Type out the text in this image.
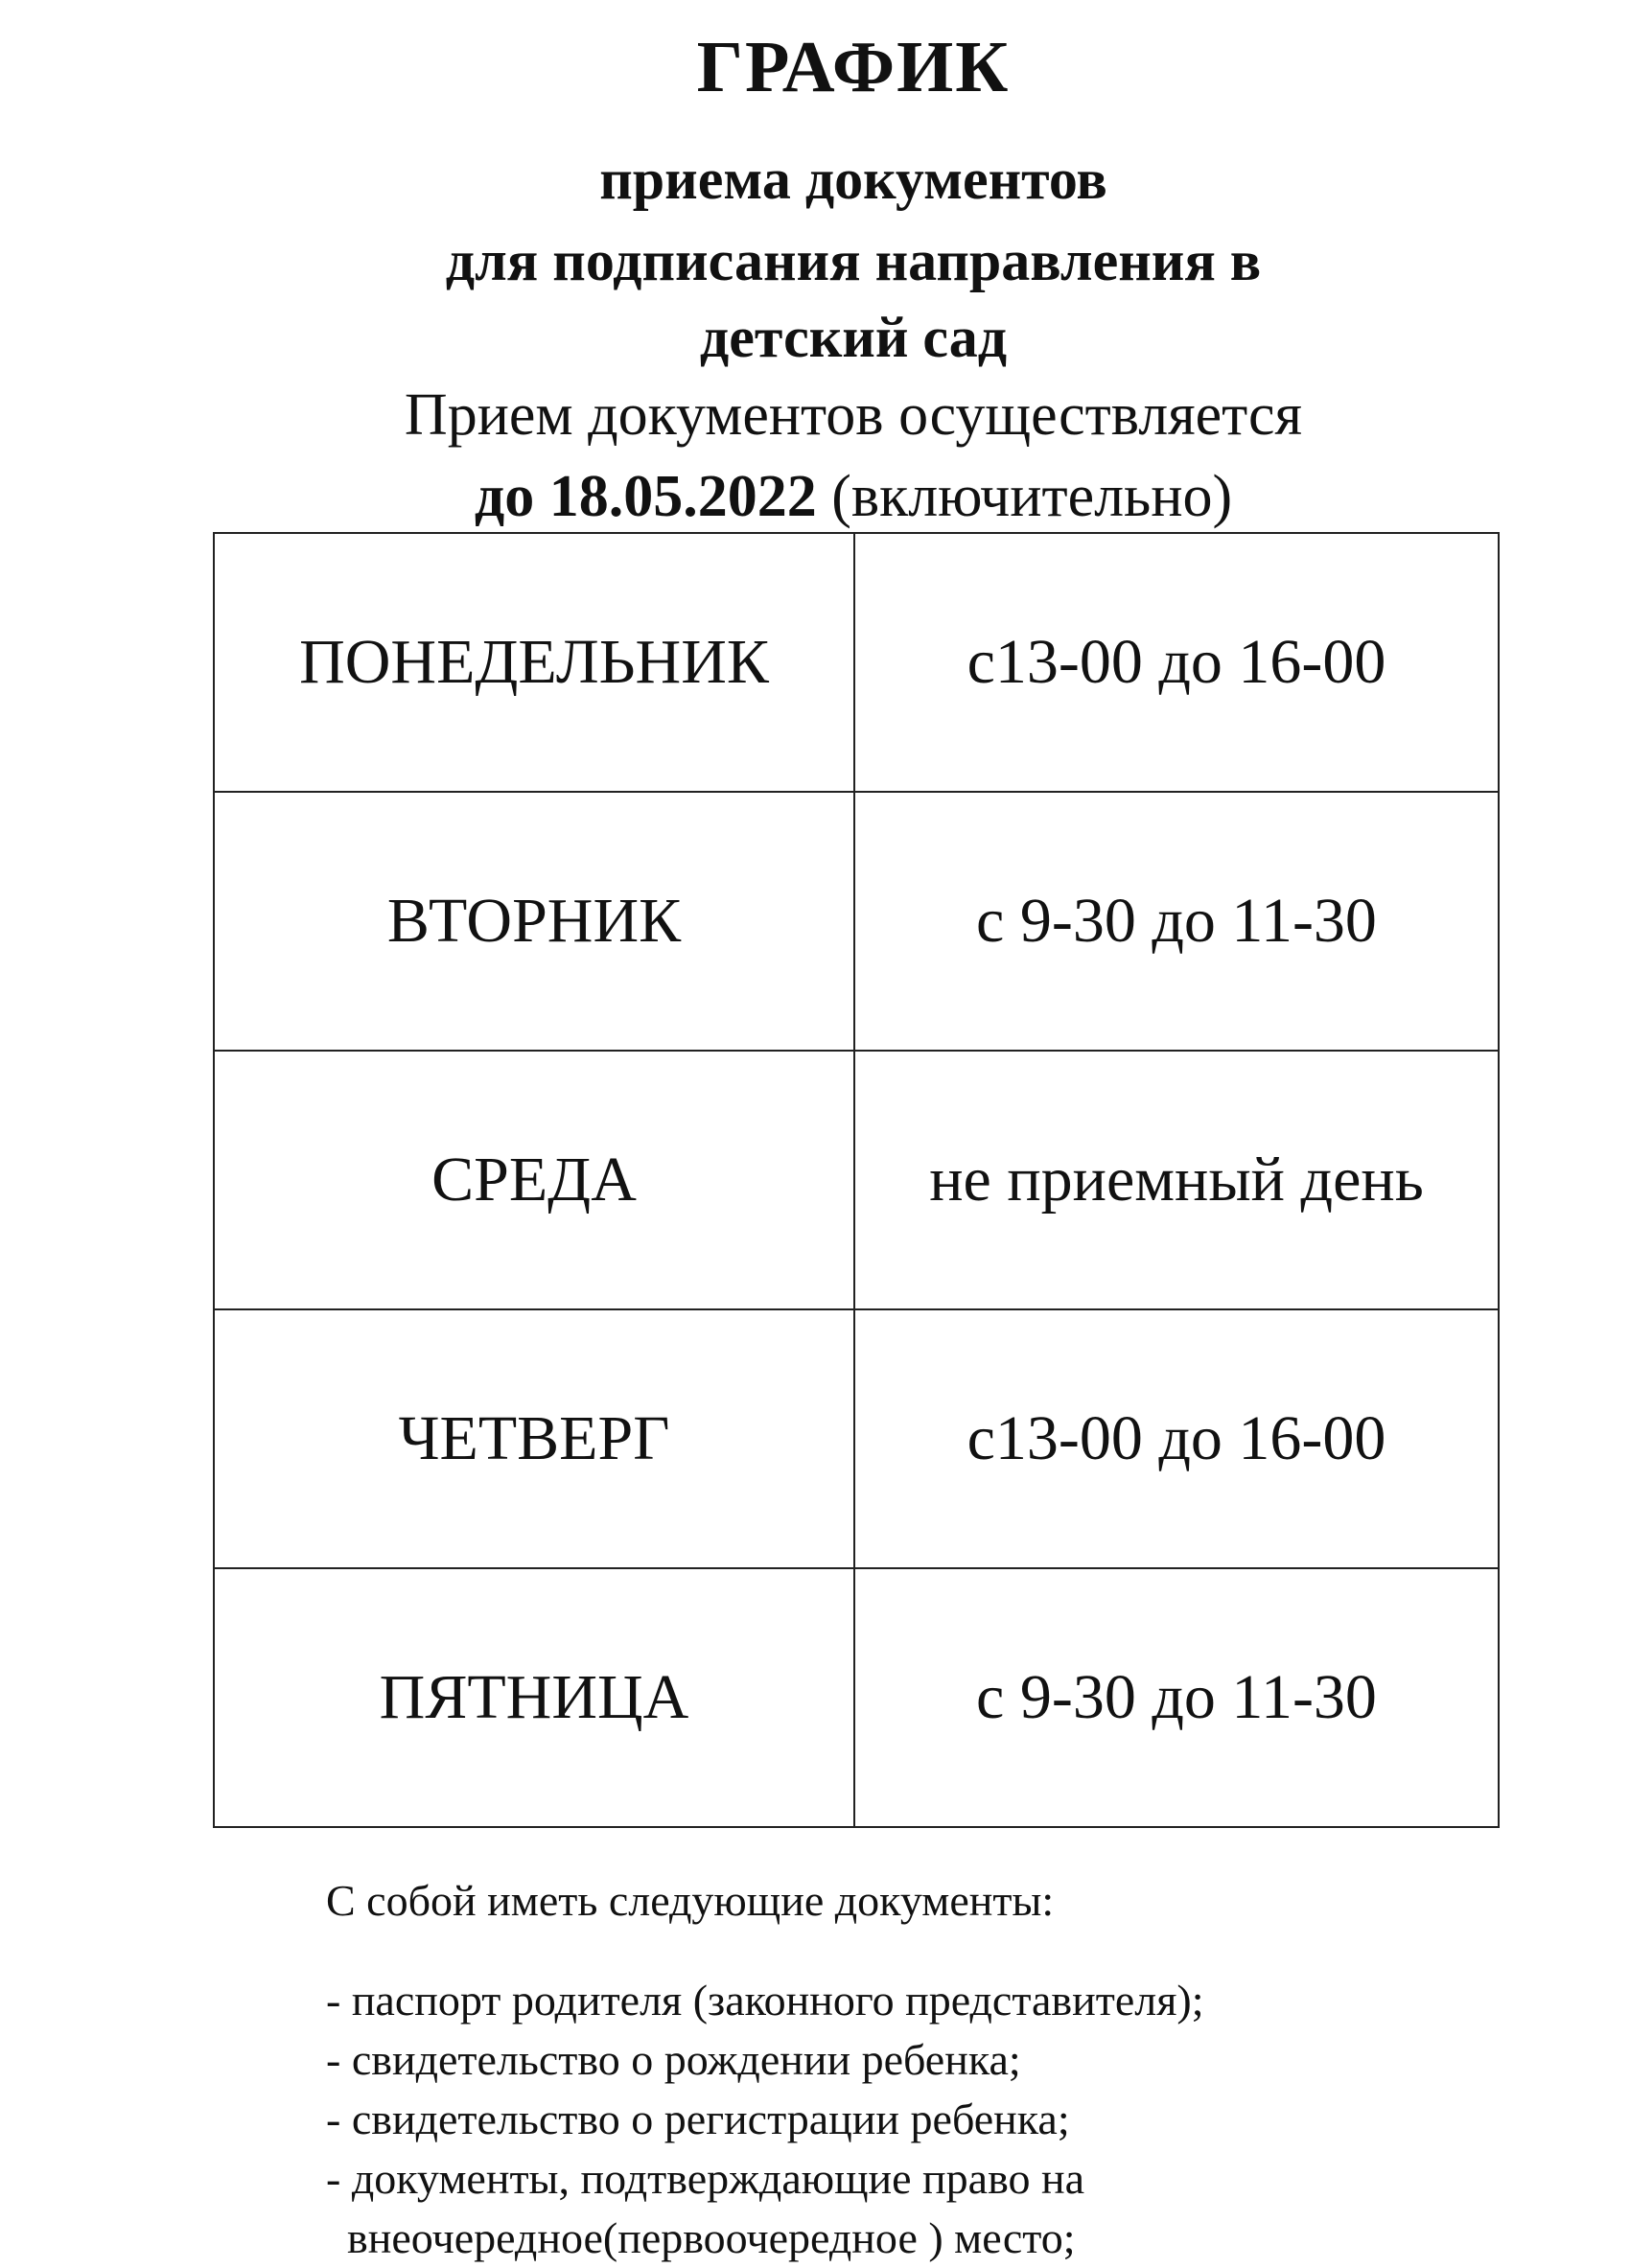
ГРАФИК
приема документов
для подписания направления в
детский сад
Прием документов осуществляется
до 18.05.2022 (включительно)
ПОНЕДЕЛЬНИК	с13-00 до 16-00
ВТОРНИК	с 9-30 до 11-30
СРЕДА	не приемный день
ЧЕТВЕРГ	с13-00 до 16-00
ПЯТНИЦА	с 9-30 до 11-30
С собой иметь следующие документы:
- паспорт родителя (законного представителя);
- свидетельство о рождении ребенка;
- свидетельство о регистрации ребенка;
- документы, подтверждающие право на
внеочередное(первоочередное ) место;
